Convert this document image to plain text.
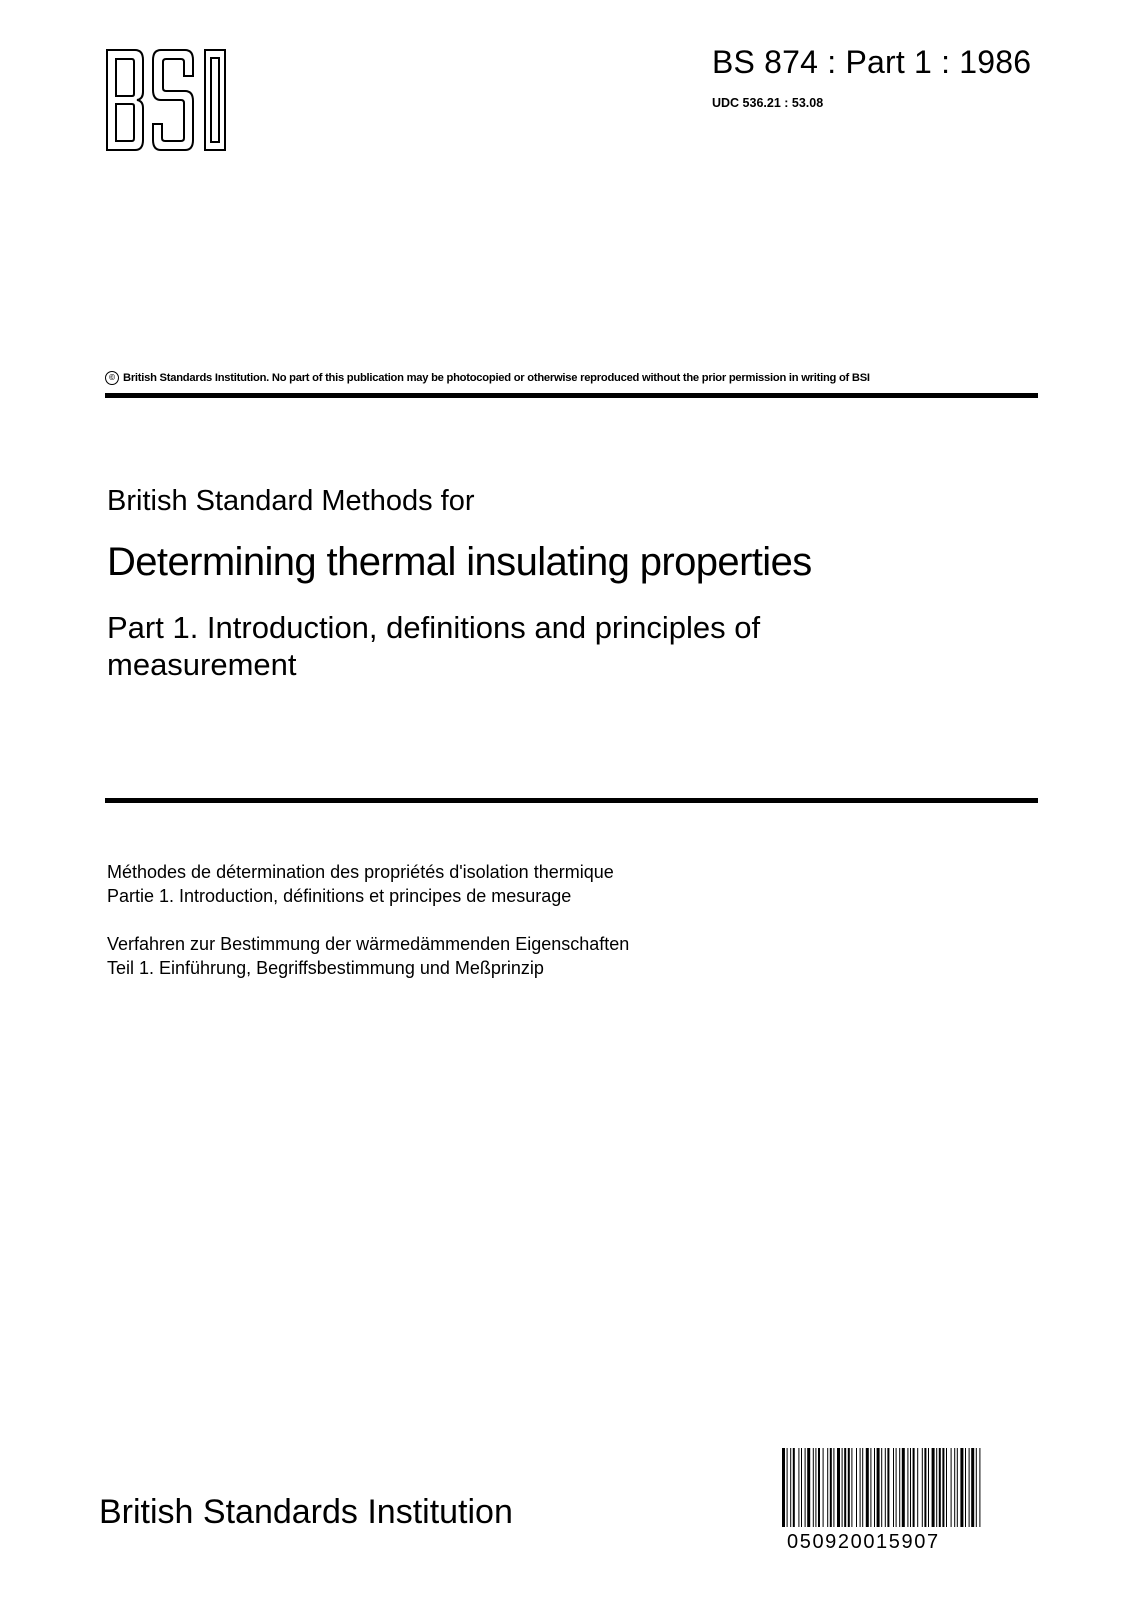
BS 874 : Part 1 : 1986
UDC 536.21 : 53.08
© British Standards Institution. No part of this publication may be photocopied or otherwise reproduced without the prior permission in writing of BSI
British Standard Methods for
Determining thermal insulating properties
Part 1. Introduction, definitions and principles of measurement
Méthodes de détermination des propriétés d'isolation thermique
Partie 1. Introduction, définitions et principes de mesurage
Verfahren zur Bestimmung der wärmedämmenden Eigenschaften
Teil 1. Einführung, Begriffsbestimmung und Meßprinzip
British Standards Institution
050920015907
